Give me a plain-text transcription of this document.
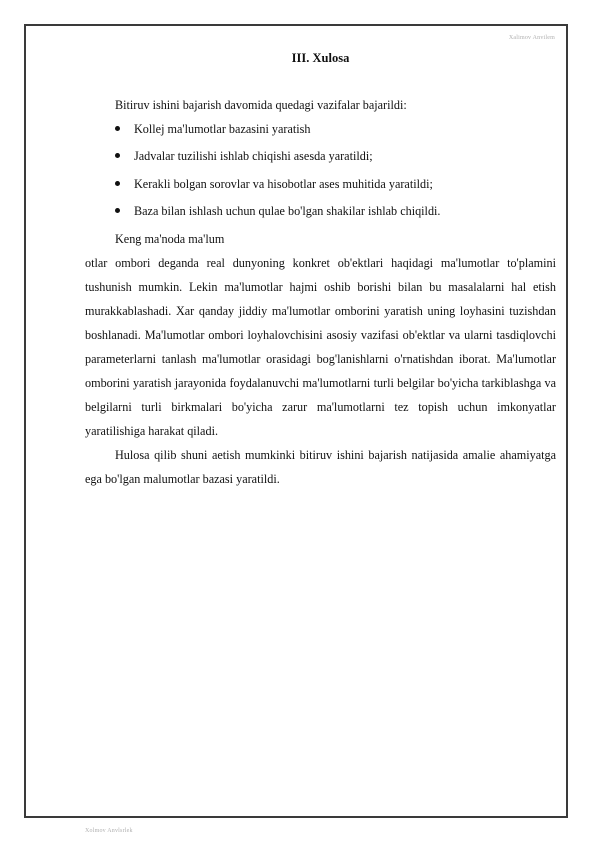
Xalimov Anvilem

III. Xulosa

Bitiruv ishini bajarish davomida quedagi vazifalar bajarildi:

Kollej ma'lumotlar bazasini yaratish
Jadvalar tuzilishi ishlab chiqishi asesda yaratildi;
Kerakli bolgan sorovlar va hisobotlar ases muhitida yaratildi;
Baza bilan ishlash uchun qulae bo'lgan shakilar ishlab chiqildi.

Keng ma'noda ma'lum

otlar ombori deganda real dunyoning konkret ob'ektlari haqidagi ma'lumotlar to'plamini tushunish mumkin. Lekin ma'lumotlar hajmi oshib borishi bilan bu masalalarni hal etish murakkablashadi. Xar qanday jiddiy ma'lumotlar omborini yaratish uning loyhasini tuzishdan boshlanadi. Ma'lumotlar ombori loyhalovchisini asosiy vazifasi ob'ektlar va ularni tasdiqlovchi parameterlarni tanlash ma'lumotlar orasidagi bog'lanishlarni o'rnatishdan iborat. Ma'lumotlar omborini yaratish jarayonida foydalanuvchi ma'lumotlarni turli belgilar bo'yicha tarkiblashga va belgilarni turli birkmalari bo'yicha zarur ma'lumotlarni tez topish uchun imkonyatlar yaratilishiga harakat qiladi.

Hulosa qilib shuni aetish mumkinki bitiruv ishini bajarish natijasida amalie ahamiyatga ega bo'lgan malumotlar bazasi yaratildi.

Xolmov Anvlsrlek
